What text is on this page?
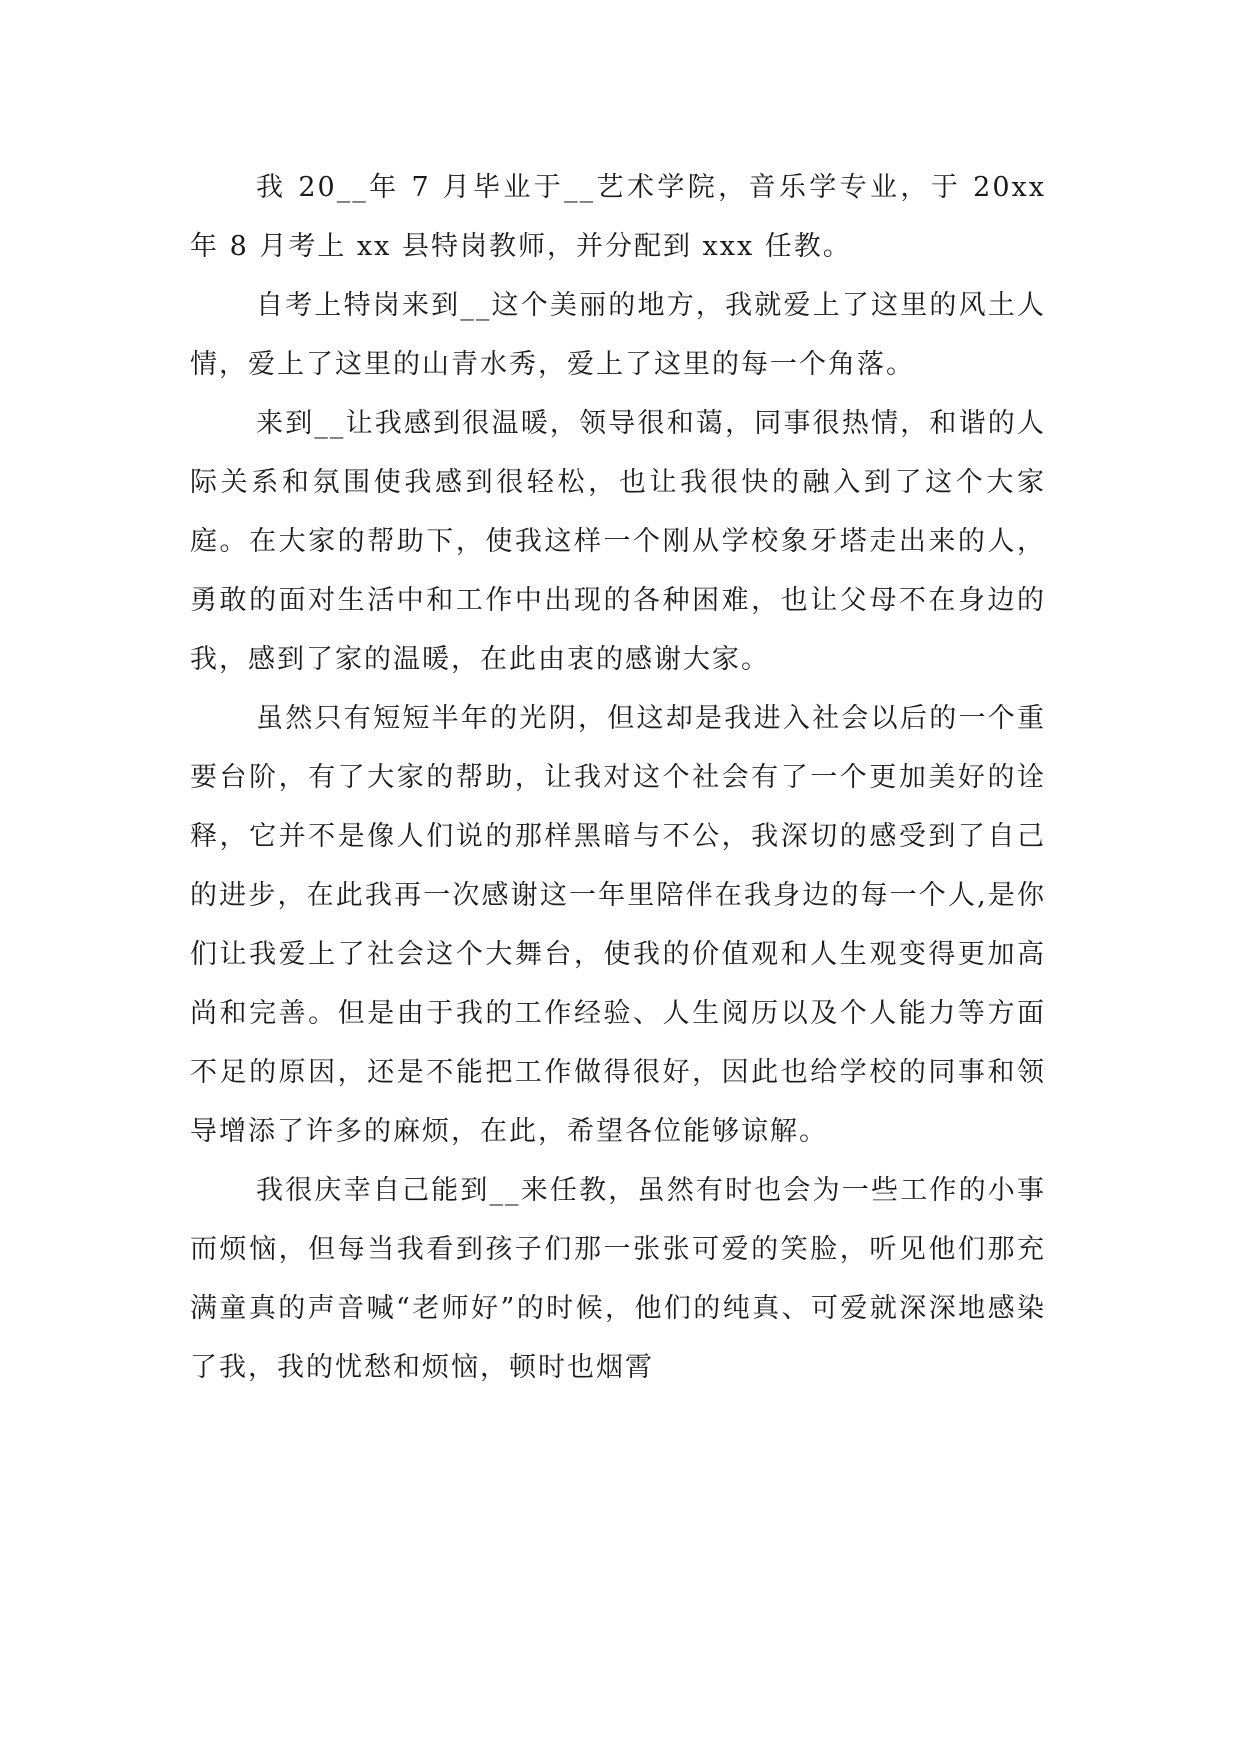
我 20__年 7 月毕业于__艺术学院，音乐学专业，于 20xx 年 8 月考上 xx 县特岗教师，并分配到 xxx 任教。

自考上特岗来到__这个美丽的地方，我就爱上了这里的风土人情，爱上了这里的山青水秀，爱上了这里的每一个角落。

来到__让我感到很温暖，领导很和蔼，同事很热情，和谐的人际关系和氛围使我感到很轻松，也让我很快的融入到了这个大家庭。在大家的帮助下，使我这样一个刚从学校象牙塔走出来的人，勇敢的面对生活中和工作中出现的各种困难，也让父母不在身边的我，感到了家的温暖，在此由衷的感谢大家。

虽然只有短短半年的光阴，但这却是我进入社会以后的一个重要台阶，有了大家的帮助，让我对这个社会有了一个更加美好的诠释，它并不是像人们说的那样黑暗与不公，我深切的感受到了自己的进步，在此我再一次感谢这一年里陪伴在我身边的每一个人,是你们让我爱上了社会这个大舞台，使我的价值观和人生观变得更加高尚和完善。但是由于我的工作经验、人生阅历以及个人能力等方面不足的原因，还是不能把工作做得很好，因此也给学校的同事和领导增添了许多的麻烦，在此，希望各位能够谅解。

我很庆幸自己能到__来任教，虽然有时也会为一些工作的小事而烦恼，但每当我看到孩子们那一张张可爱的笑脸，听见他们那充满童真的声音喊“老师好”的时候，他们的纯真、可爱就深深地感染了我，我的忧愁和烦恼，顿时也烟霄
